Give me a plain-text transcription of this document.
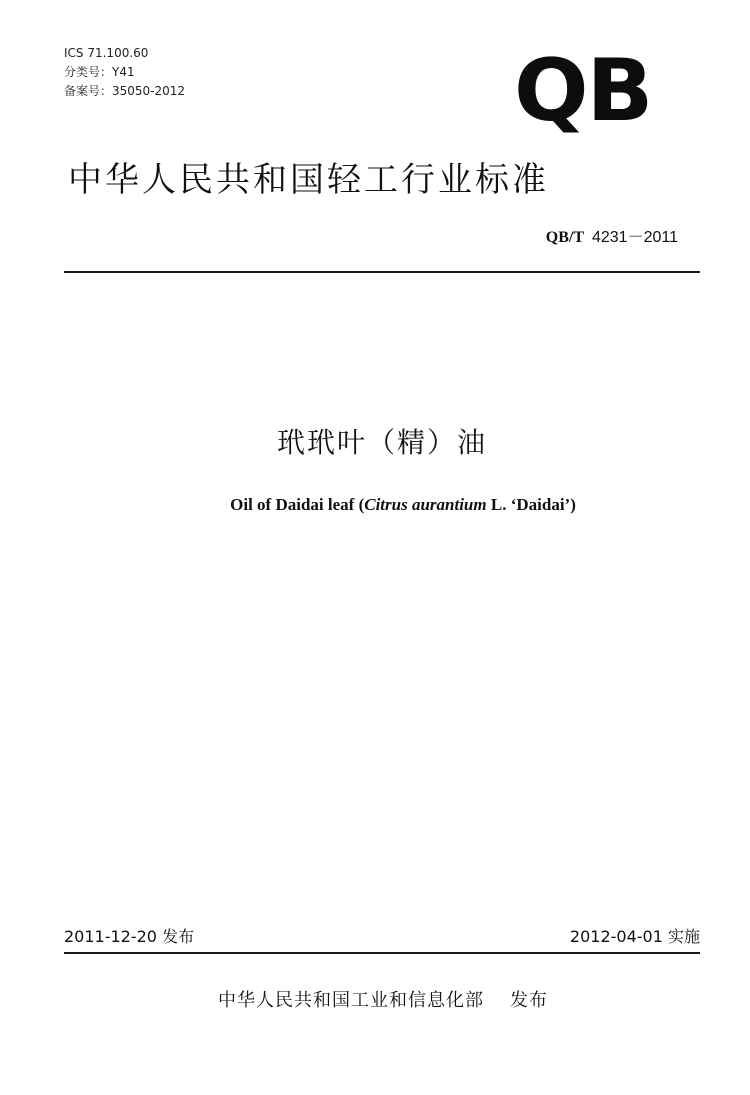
ICS 71.100.60
分类号：Y41
备案号：35050-2012	QB
中华人民共和国轻工行业标准
QB/T 4231－2011
玳玳叶（精）油
Oil of Daidai leaf (Citrus aurantium L. ‘Daidai’)
2011-12-20 发布	2012-04-01 实施
中华人民共和国工业和信息化部 发布
